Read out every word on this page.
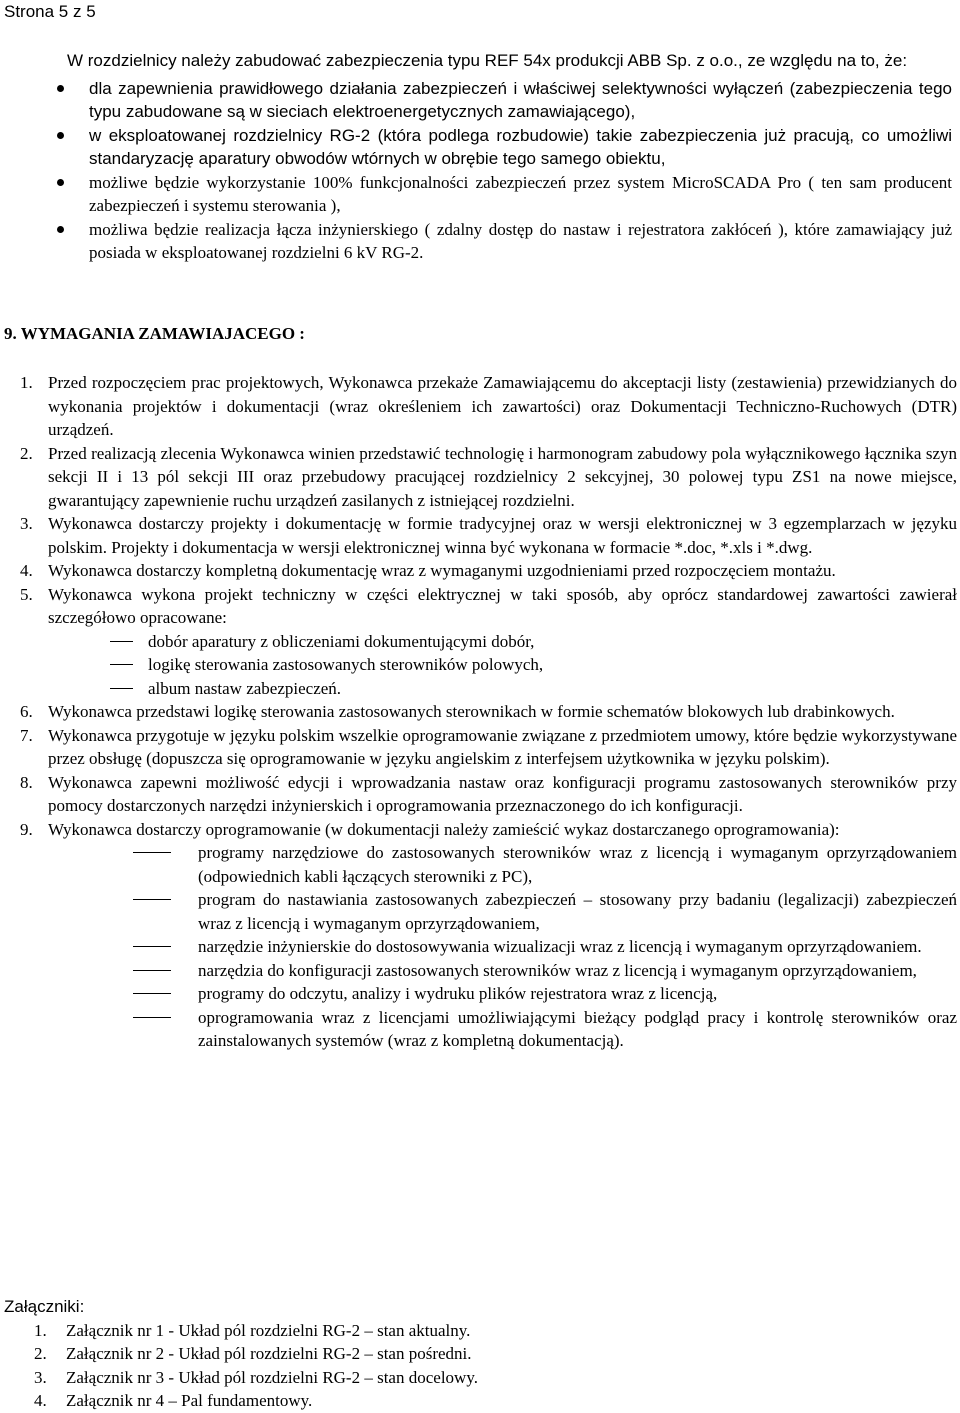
Strona 5 z 5

W rozdzielnicy należy zabudować zabezpieczenia typu REF 54x produkcji ABB Sp. z o.o., ze względu na to, że:

dla zapewnienia prawidłowego działania zabezpieczeń i właściwej selektywności wyłączeń (zabezpieczenia tego typu zabudowane są w sieciach elektroenergetycznych zamawiającego),
w eksploatowanej rozdzielnicy RG-2 (która podlega rozbudowie) takie zabezpieczenia już pracują, co umożliwi standaryzację aparatury obwodów wtórnych w obrębie tego samego obiektu,
możliwe będzie wykorzystanie 100% funkcjonalności zabezpieczeń przez system MicroSCADA Pro ( ten sam producent zabezpieczeń i systemu sterowania ),
możliwa będzie realizacja łącza inżynierskiego ( zdalny dostęp do nastaw i rejestratora zakłóceń ), które zamawiający już posiada w eksploatowanej rozdzielni 6 kV RG-2.
9. WYMAGANIA ZAMAWIAJACEGO :
1. Przed rozpoczęciem prac projektowych, Wykonawca przekaże Zamawiającemu do akceptacji listy (zestawienia) przewidzianych do wykonania projektów i dokumentacji (wraz określeniem ich zawartości) oraz Dokumentacji Techniczno-Ruchowych (DTR) urządzeń.
2. Przed realizacją zlecenia Wykonawca winien przedstawić technologię i harmonogram zabudowy pola wyłącznikowego łącznika szyn sekcji II i 13 pól sekcji III oraz przebudowy pracującej rozdzielnicy 2 sekcyjnej, 30 polowej typu ZS1 na nowe miejsce, gwarantujący zapewnienie ruchu urządzeń zasilanych z istniejącej rozdzielni.
3. Wykonawca dostarczy projekty i dokumentację w formie tradycyjnej oraz w wersji elektronicznej w 3 egzemplarzach w języku polskim. Projekty i dokumentacja w wersji elektronicznej winna być wykonana w formacie *.doc, *.xls i *.dwg.
4. Wykonawca dostarczy kompletną dokumentację wraz z wymaganymi uzgodnieniami przed rozpoczęciem montażu.
5. Wykonawca wykona projekt techniczny w części elektrycznej w taki sposób, aby oprócz standardowej zawartości zawierał szczegółowo opracowane:
dobór aparatury z obliczeniami dokumentującymi dobór,
logikę sterowania zastosowanych sterowników polowych,
album nastaw zabezpieczeń.
6. Wykonawca przedstawi logikę sterowania zastosowanych sterownikach w formie schematów blokowych lub drabinkowych.
7. Wykonawca przygotuje w języku polskim wszelkie oprogramowanie związane z przedmiotem umowy, które będzie wykorzystywane przez obsługę (dopuszcza się oprogramowanie w języku angielskim z interfejsem użytkownika w języku polskim).
8. Wykonawca zapewni możliwość edycji i wprowadzania nastaw oraz konfiguracji programu zastosowanych sterowników przy pomocy dostarczonych narzędzi inżynierskich i oprogramowania przeznaczonego do ich konfiguracji.
9. Wykonawca dostarczy oprogramowanie (w dokumentacji należy zamieścić wykaz dostarczanego oprogramowania):
programy narzędziowe do zastosowanych sterowników wraz z licencją i wymaganym oprzyrządowaniem (odpowiednich kabli łączących sterowniki z PC),
program do nastawiania zastosowanych zabezpieczeń – stosowany przy badaniu (legalizacji) zabezpieczeń wraz z licencją i wymaganym oprzyrządowaniem,
narzędzie inżynierskie do dostosowywania wizualizacji wraz z licencją i wymaganym oprzyrządowaniem.
narzędzia do konfiguracji zastosowanych sterowników wraz z licencją i wymaganym oprzyrządowaniem,
programy do odczytu, analizy i wydruku plików rejestratora wraz z licencją,
oprogramowania wraz z licencjami umożliwiającymi bieżący podgląd pracy i kontrolę sterowników oraz zainstalowanych systemów (wraz z kompletną dokumentacją).

Załączniki:

1. Załącznik nr 1 - Układ pól rozdzielni RG-2 – stan aktualny.
2. Załącznik nr 2 - Układ pól rozdzielni RG-2 – stan pośredni.
3. Załącznik nr 3 - Układ pól rozdzielni RG-2 – stan docelowy.
4. Załącznik nr 4 – Pal fundamentowy.
